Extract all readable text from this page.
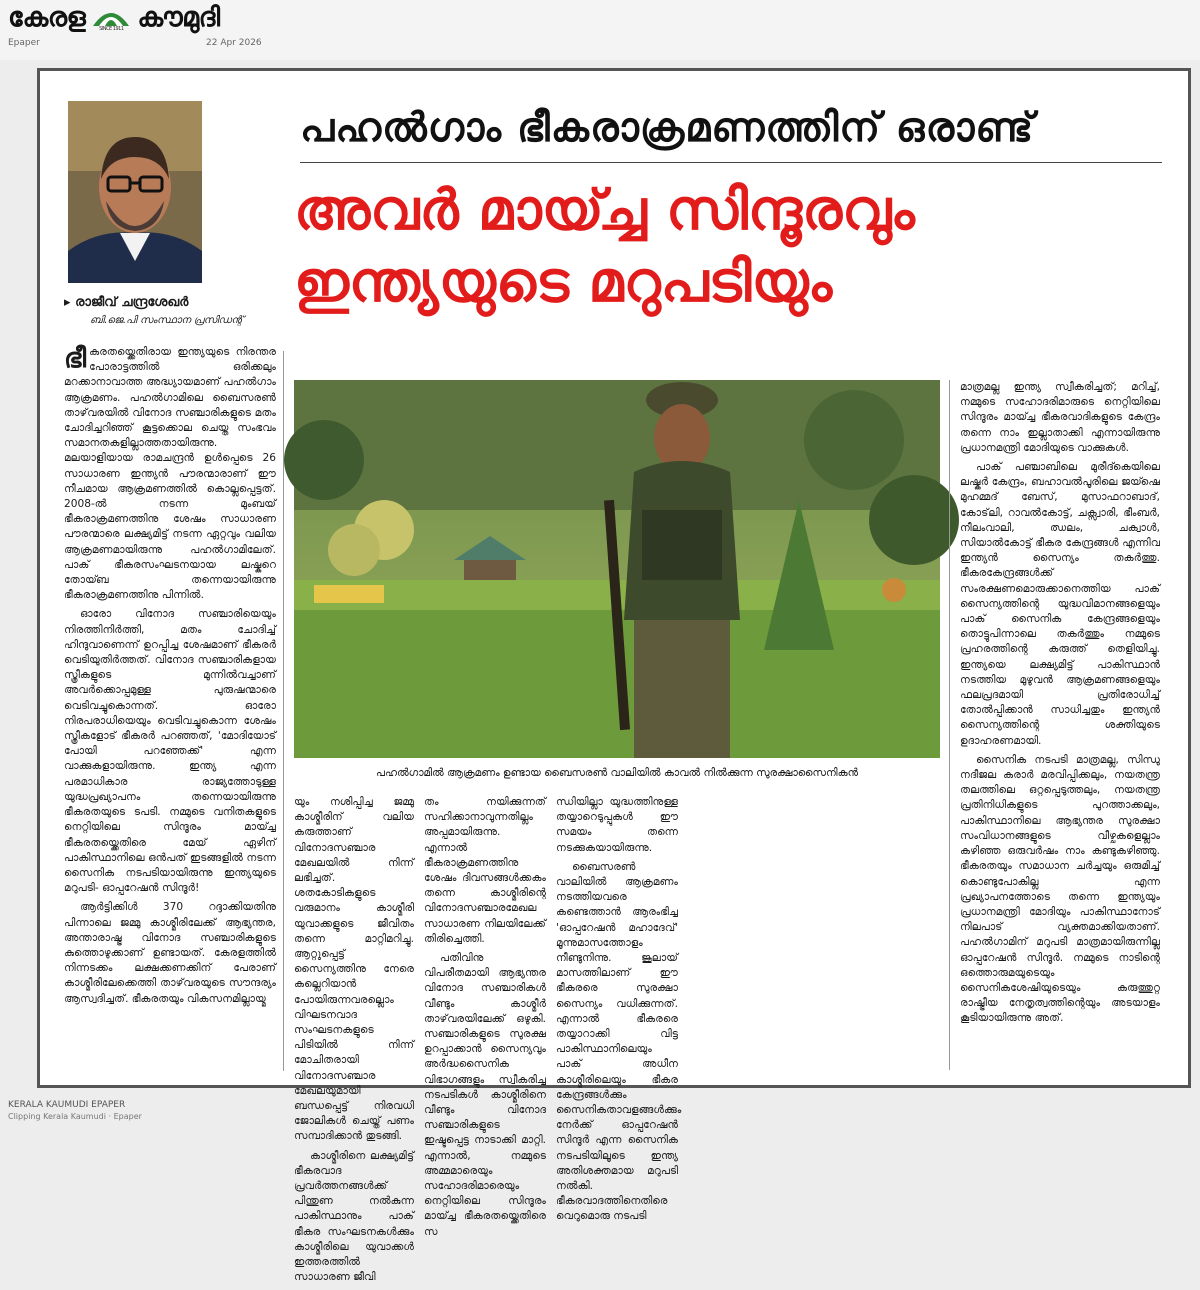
കേരള	SINCE 1911 കൗമുദി
Epaper	22 Apr 2026
▸ രാജീവ് ചന്ദ്രശേഖർ
ബി.ജെ.പി സംസ്ഥാന പ്രസിഡന്റ്
പഹൽഗാം ഭീകരാക്രമണത്തിന് ഒരാണ്ട്
അവർ മായ്ച്ച സിന്ദൂരവും
ഇന്ത്യയുടെ മറുപടിയും
പഹൽഗാമിൽ ആക്രമണം ഉണ്ടായ ബൈസരൺ വാലിയിൽ കാവൽ നിൽക്കുന്ന സുരക്ഷാസൈനികൻ

ഭീകരതയ്ക്കെതിരായ ഇന്ത്യയുടെ നിരന്തര പോരാട്ടത്തിൽ ഒരിക്കലും മറക്കാനാവാത്ത അദ്ധ്യായമാണ് പഹൽഗാം ആക്രമണം. പഹൽഗാമിലെ ബൈസരൺ താഴ്‌വരയിൽ വിനോദ സഞ്ചാരികളുടെ മതം ചോദിച്ചറിഞ്ഞ് കൂട്ടക്കൊല ചെയ്ത സംഭവം സമാനതകളില്ലാത്തതായിരുന്നു. മലയാളിയായ രാമചന്ദ്രൻ ഉൾപ്പെടെ 26 സാധാരണ ഇന്ത്യൻ പൗരന്മാരാണ് ഈ നീചമായ ആക്രമണത്തിൽ കൊല്ലപ്പെട്ടത്. 2008-ൽ നടന്ന മുംബയ് ഭീകരാക്രമണത്തിനു ശേഷം സാധാരണ പൗരന്മാരെ ലക്ഷ്യമിട്ട് നടന്ന ഏറ്റവും വലിയ ആക്രമണമായിരുന്നു പഹൽഗാമിലേത്. പാക് ഭീകരസംഘടനയായ ലഷ്കറെ തോയ്ബ തന്നെയായിരുന്നു ഭീകരാക്രമണത്തിനു പിന്നിൽ.

ഓരോ വിനോദ സഞ്ചാരിയെയും നിരത്തിനിർത്തി, മതം ചോദിച്ച് ഹിന്ദുവാണെന്ന് ഉറപ്പിച്ച ശേഷമാണ് ഭീകരർ വെടിയുതിർത്തത്. വിനോദ സഞ്ചാരികളായ സ്ത്രീകളുടെ മുന്നിൽവച്ചാണ് അവർക്കൊപ്പമുള്ള പുരുഷന്മാരെ വെടിവച്ചുകൊന്നത്. ഓരോ നിരപരാധിയെയും വെടിവച്ചുകൊന്ന ശേഷം സ്ത്രീകളോട് ഭീകരർ പറഞ്ഞത്, 'മോദിയോട് പോയി പറഞ്ഞേക്ക്' എന്ന വാക്കുകളായിരുന്നു. ഇന്ത്യ എന്ന പരമാധികാര രാജ്യത്തോടുള്ള യുദ്ധപ്രഖ്യാപനം തന്നെയായിരുന്നു ഭീകരതയുടെ ടപടി. നമ്മുടെ വനിതകളുടെ നെറ്റിയിലെ സിന്ദൂരം മായ്ച്ച ഭീകരതയ്ക്കെതിരെ മേയ് ഏഴിന് പാകിസ്ഥാനിലെ ഒൻപത് ഇടങ്ങളിൽ നടന്ന സൈനിക നടപടിയായിരുന്നു ഇന്ത്യയുടെ മറുപടി- ഓപ്പറേഷൻ സിന്ദൂർ!

ആർട്ടിക്കിൾ 370 റദ്ദാക്കിയതിനു പിന്നാലെ ജമ്മു കാശ്മീരിലേക്ക് ആഭ്യന്തര, അന്താരാഷ്ട്ര വിനോദ സഞ്ചാരികളുടെ കുത്തൊഴുക്കാണ് ഉണ്ടായത്. കേരളത്തിൽ നിന്നടക്കം ലക്ഷക്കണക്കിന് പേരാണ് കാശ്മീരിലേക്കെത്തി താഴ്‌വരയുടെ സൗന്ദര്യം ആസ്വദിച്ചത്. ഭീകരതയും വികസനമില്ലായ്മ

യും നശിപ്പിച്ച ജമ്മു കാശ്മീരിന് വലിയ കരുത്താണ് വിനോദസഞ്ചാര മേഖലയിൽ നിന്ന് ലഭിച്ചത്. ശതകോടികളുടെ വരുമാനം കാശ്മീരി യുവാക്കളുടെ ജീവിതം തന്നെ മാറ്റിമറിച്ചു. ആറ്റുപ്പെട്ട് സൈന്യത്തിനു നേരെ കല്ലെറിയാൻ പോയിരുന്നവരല്ലൊം വിഘടനവാദ സംഘടനകളുടെ പിടിയിൽ നിന്ന് മോചിതരായി വിനോദസഞ്ചാര മേഖലയുമായി ബന്ധപ്പെട്ട് നിരവധി ജോലികൾ ചെയ്ത് പണം സമ്പാദിക്കാൻ തുടങ്ങി.

കാശ്മീരിനെ ലക്ഷ്യമിട്ട് ഭീകരവാദ പ്രവർത്തനങ്ങൾക്ക് പിന്തുണ നൽകുന്ന പാകിസ്ഥാനും പാക് ഭീകര സംഘടനകൾക്കും കാശ്മീരിലെ യുവാക്കൾ ഇത്തരത്തിൽ സാധാരണ ജീവി

തം നയിക്കുന്നത് സഹിക്കാനാവുന്നതില്ലം അപ്പമായിരുന്നു. എന്നാൽ ഭീകരാക്രമണത്തിനു ശേഷം ദിവസങ്ങൾക്കകം തന്നെ കാശ്മീരിന്റെ വിനോദസഞ്ചാരമേഖല സാധാരണ നിലയിലേക്ക് തിരിച്ചെത്തി.

പതിവിനു വിപരീതമായി ആഭ്യന്തര വിനോദ സഞ്ചാരികൾ വീണ്ടും കാശ്മീർ താഴ്‌വരയിലേക്ക് ഒഴുകി. സഞ്ചാരികളുടെ സുരക്ഷ ഉറപ്പാക്കാൻ സൈന്യവും അർദ്ധസൈനിക വിഭാഗങ്ങളും സ്വീകരിച്ച നടപടികൾ കാശ്മീരിനെ വീണ്ടും വിനോദ സഞ്ചാരികളുടെ ഇഷ്ടപ്പെട്ട നാടാക്കി മാറ്റി. എന്നാൽ, നമ്മുടെ അമ്മമാരെയും സഹോദരിമാരെയും നെറ്റിയിലെ സിന്ദൂരം മായ്ച്ച ഭീകരതയ്ക്കെതിരെ സ

ന്ധിയില്ലാ യുദ്ധത്തിനുള്ള തയ്യാറെടുപ്പുകൾ ഈ സമയം തന്നെ നടക്കുകയായിരുന്നു.

ബൈസരൺ വാലിയിൽ ആക്രമണം നടത്തിയവരെ കണ്ടെത്താൻ ആരംഭിച്ച 'ഓപ്പറേഷൻ മഹാദേവ്' മൂന്നുമാസത്തോളം നീണ്ടുനിന്നു. ജൂലായ് മാസത്തിലാണ് ഈ ഭീകരരെ സുരക്ഷാ സൈന്യം വധിക്കുന്നത്. എന്നാൽ ഭീകരരെ തയ്യാറാക്കി വിട്ട പാകിസ്ഥാനിലെയും പാക് അധീന കാശ്മീരിലെയും ഭീകര കേന്ദ്രങ്ങൾക്കും സൈനികതാവളങ്ങൾക്കും നേർക്ക് ഓപ്പറേഷൻ സിന്ദൂർ എന്ന സൈനിക നടപടിയിലൂടെ ഇന്ത്യ അതിശക്തമായ മറുപടി നൽകി. ഭീകരവാദത്തിനെതിരെ വെറുമൊരു നടപടി

മാത്രമല്ല ഇന്ത്യ സ്വീകരിച്ചത്; മറിച്ച്, നമ്മുടെ സഹോദരിമാരുടെ നെറ്റിയിലെ സിന്ദൂരം മായ്ച്ച ഭീകരവാദികളുടെ കേന്ദ്രം തന്നെ നാം ഇല്ലാതാക്കി എന്നായിരുന്നു പ്രധാനമന്ത്രി മോദിയുടെ വാക്കുകൾ.

പാക് പഞ്ചാബിലെ മുരീദ്കെയിലെ ലഷ്കർ കേന്ദ്രം, ബഹാവൽപൂരിലെ ജയ്ഷെ മുഹമ്മദ് ബേസ്, മുസാഫറാബാദ്, കോട്‌ലി, റാവൽകോട്ട്, ചക്സ്വാരി, ഭീംബർ, നീലംവാലി, ഝലം, ചക്വാൾ, സിയാൽകോട്ട് ഭീകര കേന്ദ്രങ്ങൾ എന്നിവ ഇന്ത്യൻ സൈന്യം തകർത്തു. ഭീകരകേന്ദ്രങ്ങൾക്ക് സംരക്ഷണമൊരുക്കാനെത്തിയ പാക് സൈന്യത്തിന്റെ യുദ്ധവിമാനങ്ങളെയും പാക് സൈനിക കേന്ദ്രങ്ങളെയും തൊട്ടുപിന്നാലെ തകർത്തും നമ്മുടെ പ്രഹരത്തിന്റെ കരുത്ത് തെളിയിച്ചു. ഇന്ത്യയെ ലക്ഷ്യമിട്ട് പാകിസ്ഥാൻ നടത്തിയ മുഴുവൻ ആക്രമണങ്ങളെയും ഫലപ്രദമായി പ്രതിരോധിച്ച് തോൽപ്പിക്കാൻ സാധിച്ചതും ഇന്ത്യൻ സൈന്യത്തിന്റെ ശക്തിയുടെ ഉദാഹരണമായി.

സൈനിക നടപടി മാത്രമല്ല, സിന്ധു നദീജല കരാർ മരവിപ്പിക്കലും, നയതന്ത്ര തലത്തിലെ ഒറ്റപ്പെടുത്തലും, നയതന്ത്ര പ്രതിനിധികളുടെ പുറത്താക്കലും, പാകിസ്ഥാനിലെ ആഭ്യന്തര സുരക്ഷാ സംവിധാനങ്ങളുടെ വീഴ്ചകളെല്ലാം കഴിഞ്ഞ ഒരുവർഷം നാം കണ്ടുകഴിഞ്ഞു. ഭീകരതയും സമാധാന ചർച്ചയും ഒരുമിച്ച് കൊണ്ടുപോകില്ല എന്ന പ്രഖ്യാപനത്തോടെ തന്നെ ഇന്ത്യയും പ്രധാനമന്ത്രി മോദിയും പാകിസ്ഥാനോട് നിലപാട് വ്യക്തമാക്കിയതാണ്. പഹൽഗാമിന് മറുപടി മാത്രമായിരുന്നില്ല ഓപ്പറേഷൻ സിന്ദൂർ. നമ്മുടെ നാടിന്റെ ഒത്തൊരുമയുടെയും സൈനികശേഷിയുടെയും കരുത്തുറ്റ രാഷ്ട്രീയ നേതൃത്വത്തിന്റെയും അടയാളം കൂടിയായിരുന്നു അത്.

KERALA KAUMUDI EPAPER
Clipping Kerala Kaumudi · Epaper
